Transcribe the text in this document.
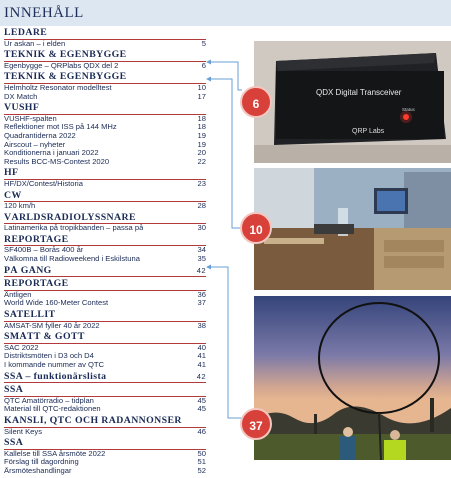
INNEHÅLL
LEDARE
Ur askan – i elden	5
TEKNIK & EGENBYGGE
Egenbygge – QRPlabs QDX del 2	6
TEKNIK & EGENBYGGE
Helmholtz Resonator modelltest	10
DX Match	17
VUSHF
VUSHF-spalten	18
Reflektioner mot ISS på 144 MHz	18
Quadrantiderna 2022	19
Airscout – nyheter	19
Konditionerna i januari 2022	20
Results BCC-MS-Contest 2020	22
HF
HF/DX/Contest/Historia	23
CW
120 km/h	28
VÄRLDSRADIOLYSSNARE
Latinamerika på tropikbanden – passa på	30
REPORTAGE
SF400B – Borås 400 år	34
Välkomna till Radioweekend i Eskilstuna	35
PÅ GÅNG	42
REPORTAGE
Äntligen	36
World Wide 160-Meter Contest	37
SATELLIT
AMSAT-SM fyller 40 år 2022	38
SMÅTT & GOTT
SAC 2022	40
Distriktsmöten i D3 och D4	41
I kommande nummer av QTC	41
SSA – funktionärslista	42
SSA
QTC Amatörradio – tidplan	45
Material till QTC-redaktionen	45
KANSLI, QTC OCH RADANNONSER
Silent Keys	46
SSA
Kallelse till SSA årsmöte 2022	50
Förslag till dagordning	51
Årsmöteshandlingar	52
QDX Digital Transceiver
Status
QRP Labs
6
10
37
